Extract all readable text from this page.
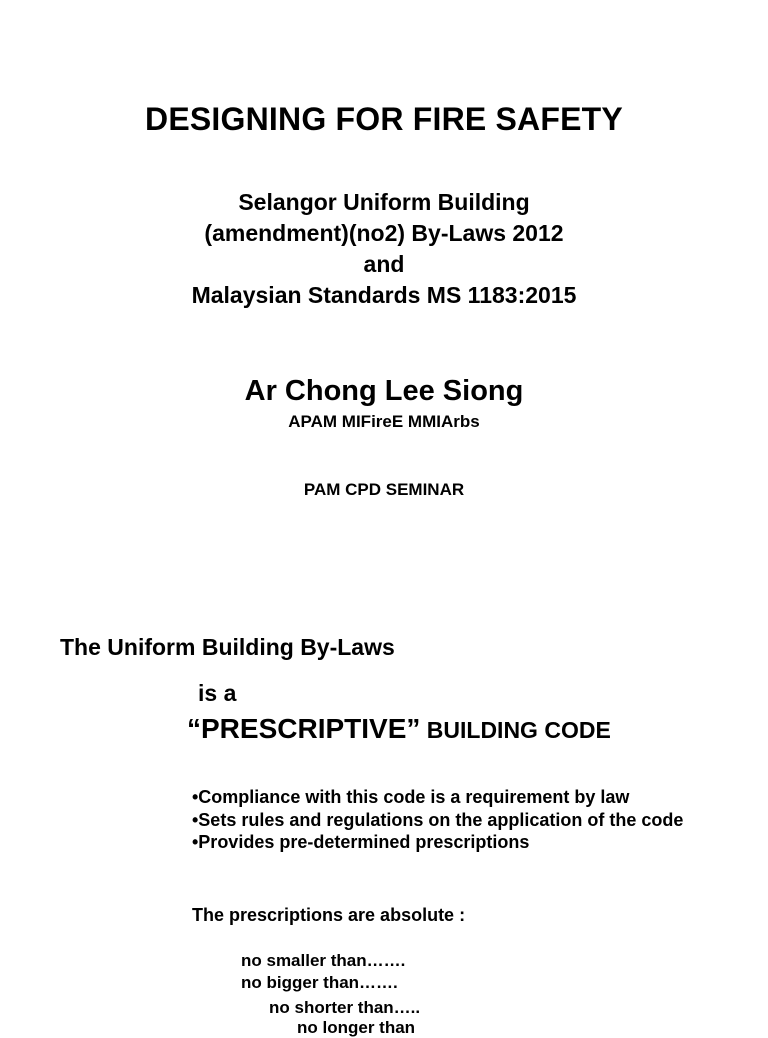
DESIGNING FOR FIRE SAFETY
Selangor Uniform Building
(amendment)(no2) By-Laws 2012
and
Malaysian Standards MS 1183:2015
Ar Chong Lee Siong
APAM MIFireE MMIArbs
PAM CPD SEMINAR
The Uniform Building By-Laws
is a
“PRESCRIPTIVE” BUILDING CODE
•Compliance with this code is a requirement by law
•Sets rules and regulations on the application of the code
•Provides pre-determined prescriptions
The prescriptions are absolute :
no smaller than…….
no bigger than…….
no shorter than…..
no longer than
